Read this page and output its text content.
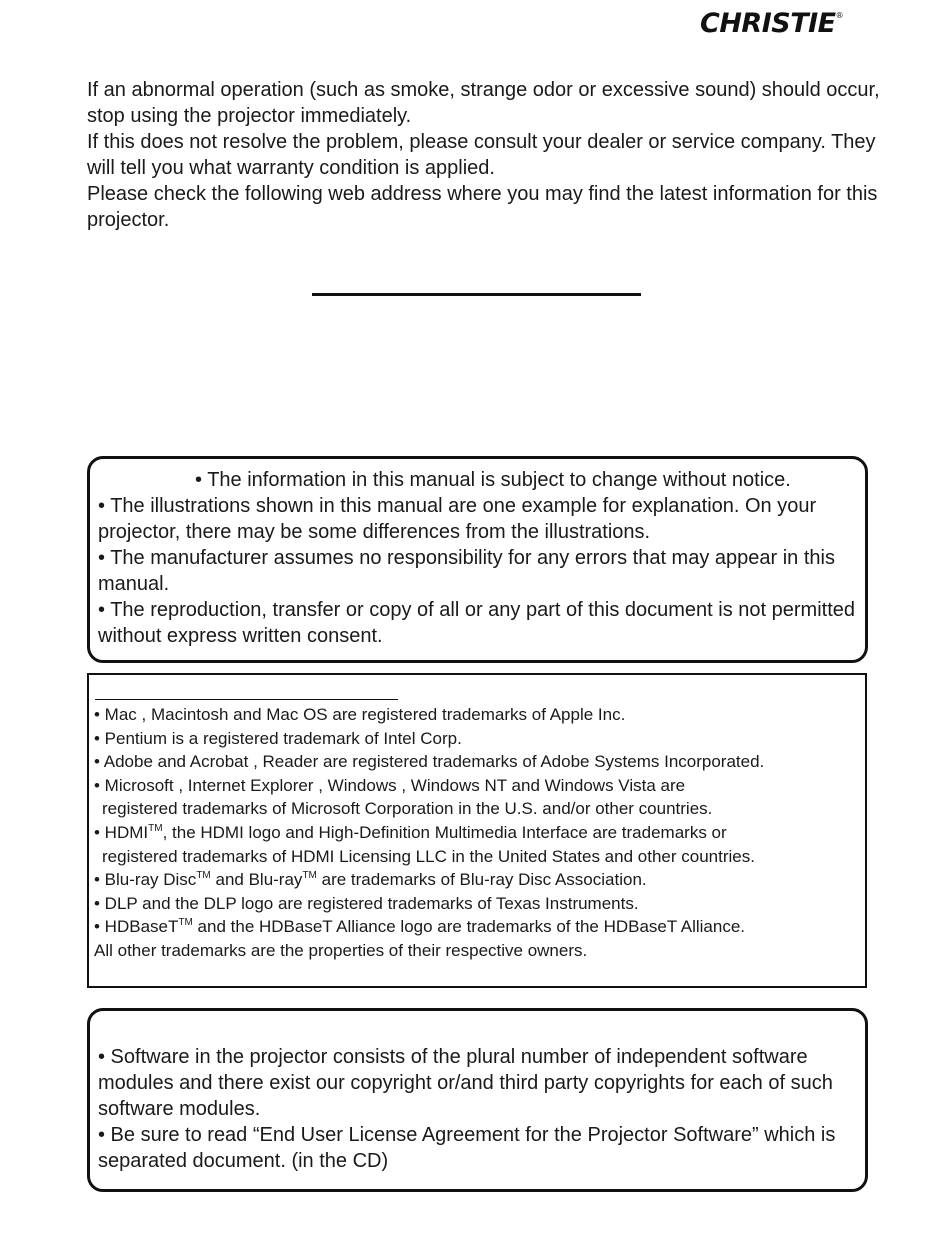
CHRISTIE®

If an abnormal operation (such as smoke, strange odor or excessive sound) should occur, stop using the projector immediately.

If this does not resolve the problem, please consult your dealer or service company. They will tell you what warranty condition is applied.

Please check the following web address where you may find the latest information for this projector.

• The information in this manual is subject to change without notice.

• The illustrations shown in this manual are one example for explanation. On your projector, there may be some differences from the illustrations.

• The manufacturer assumes no responsibility for any errors that may appear in this manual.

• The reproduction, transfer or copy of all or any part of this document is not permitted without express written consent.

• Mac , Macintosh and Mac OS are registered trademarks of Apple Inc.
• Pentium is a registered trademark of Intel Corp.
• Adobe and Acrobat , Reader are registered trademarks of Adobe Systems Incorporated.
• Microsoft , Internet Explorer , Windows , Windows NT and Windows Vista are
registered trademarks of Microsoft Corporation in the U.S. and/or other countries.
• HDMI™, the HDMI logo and High-Definition Multimedia Interface are trademarks or
registered trademarks of HDMI Licensing LLC in the United States and other countries.
• Blu-ray Disc™ and Blu-ray™ are trademarks of Blu-ray Disc Association.
• DLP and the DLP logo are registered trademarks of Texas Instruments.
• HDBaseT™ and the HDBaseT Alliance logo are trademarks of the HDBaseT Alliance.
All other trademarks are the properties of their respective owners.

• Software in the projector consists of the plural number of independent software modules and there exist our copyright or/and third party copyrights for each of such software modules.

• Be sure to read “End User License Agreement for the Projector Software” which is separated document. (in the CD)
